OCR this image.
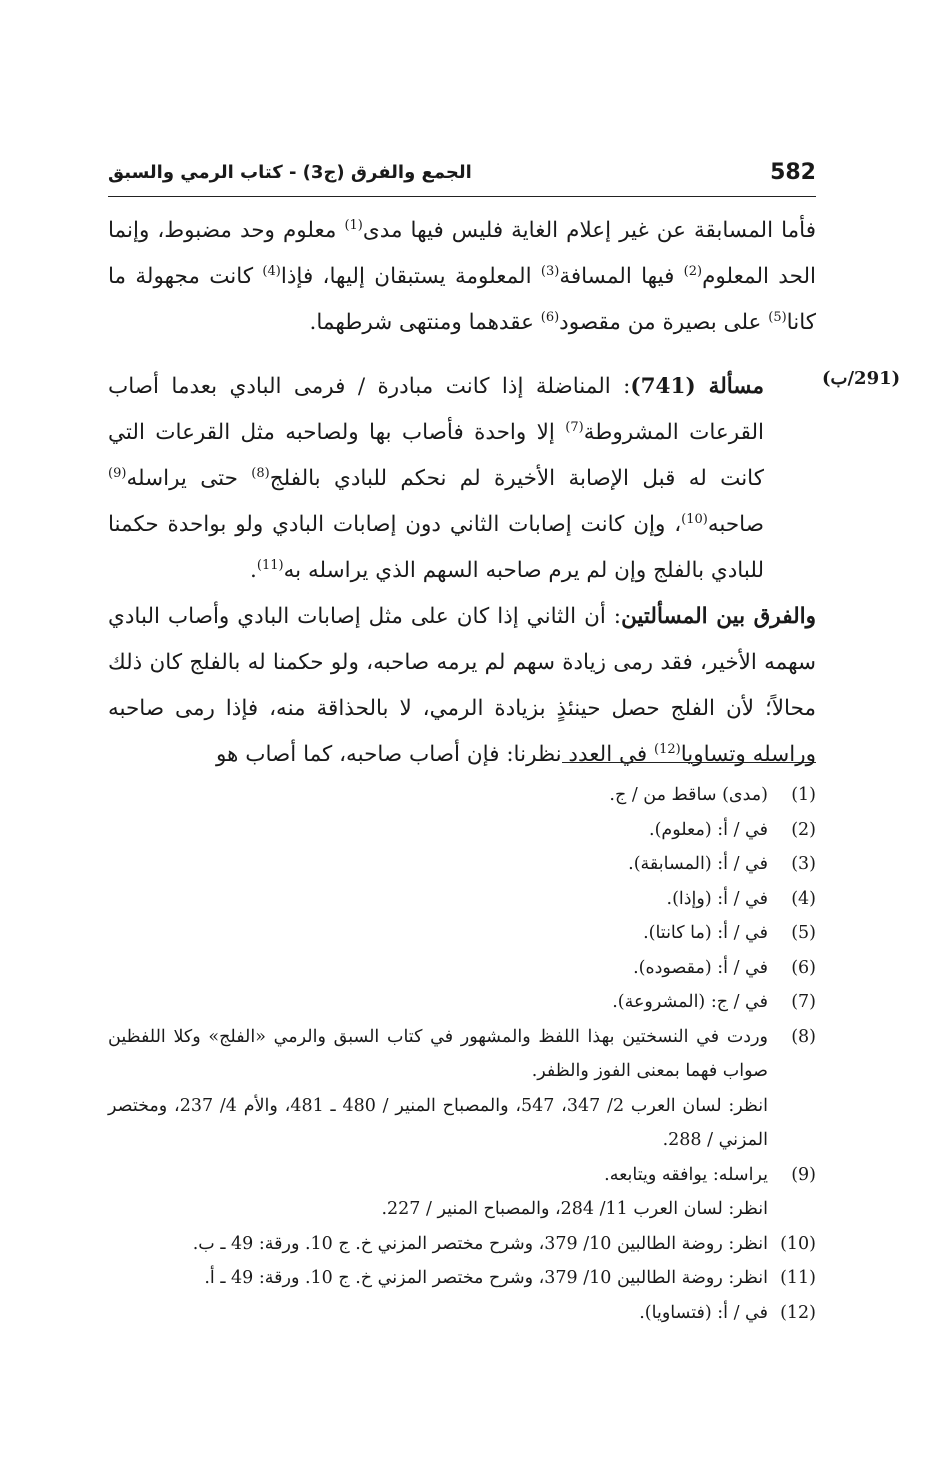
582
الجمع والفرق (ج3) - كتاب الرمي والسبق
(291/ب)

فأما المسابقة عن غير إعلام الغاية فليس فيها مدى$^{(1)}$ معلوم وحد مضبوط، وإنما الحد المعلوم$^{(2)}$ فيها المسافة$^{(3)}$ المعلومة يستبقان إليها، فإذا$^{(4)}$ كانت مجهولة ما كانا$^{(5)}$ على بصيرة من مقصود$^{(6)}$ عقدهما ومنتهى شرطهما.

مسألة (741): المناضلة إذا كانت مبادرة / فرمى البادي بعدما أصاب القرعات المشروطة$^{(7)}$ إلا واحدة فأصاب بها ولصاحبه مثل القرعات التي كانت له قبل الإصابة الأخيرة لم نحكم للبادي بالفلج$^{(8)}$ حتى يراسله$^{(9)}$ صاحبه$^{(10)}$، وإن كانت إصابات الثاني دون إصابات البادي ولو بواحدة حكمنا للبادي بالفلج وإن لم يرم صاحبه السهم الذي يراسله به$^{(11)}$.

والفرق بين المسألتين: أن الثاني إذا كان على مثل إصابات البادي وأصاب البادي سهمه الأخير، فقد رمى زيادة سهم لم يرمه صاحبه، ولو حكمنا له بالفلج كان ذلك محالاً؛ لأن الفلج حصل حينئذٍ بزيادة الرمي، لا بالحذاقة منه، فإذا رمى صاحبه وراسله وتساويا$^{(12)}$ في العدد نظرنا: فإن أصاب صاحبه، كما أصاب هو

(1)
(مدى) ساقط من / ج.
(2)
في / أ: (معلوم).
(3)
في / أ: (المسابقة).
(4)
في / أ: (وإذا).
(5)
في / أ: (ما كانتا).
(6)
في / أ: (مقصوده).
(7)
في / ج: (المشروعة).
(8)
وردت في النسختين بهذا اللفظ والمشهور في كتاب السبق والرمي «الفلج» وكلا اللفظين صواب فهما بمعنى الفوز والظفر.
انظر: لسان العرب 2/ 347، 547، والمصباح المنير / 480 ـ 481، والأم 4/ 237، ومختصر المزني / 288.
(9)
يراسله: يوافقه ويتابعه.
انظر: لسان العرب 11/ 284، والمصباح المنير / 227.
(10)
انظر: روضة الطالبين 10/ 379، وشرح مختصر المزني خ. ج 10. ورقة: 49 ـ ب.
(11)
انظر: روضة الطالبين 10/ 379، وشرح مختصر المزني خ. ج 10. ورقة: 49 ـ أ.
(12)
في / أ: (فتساويا).
